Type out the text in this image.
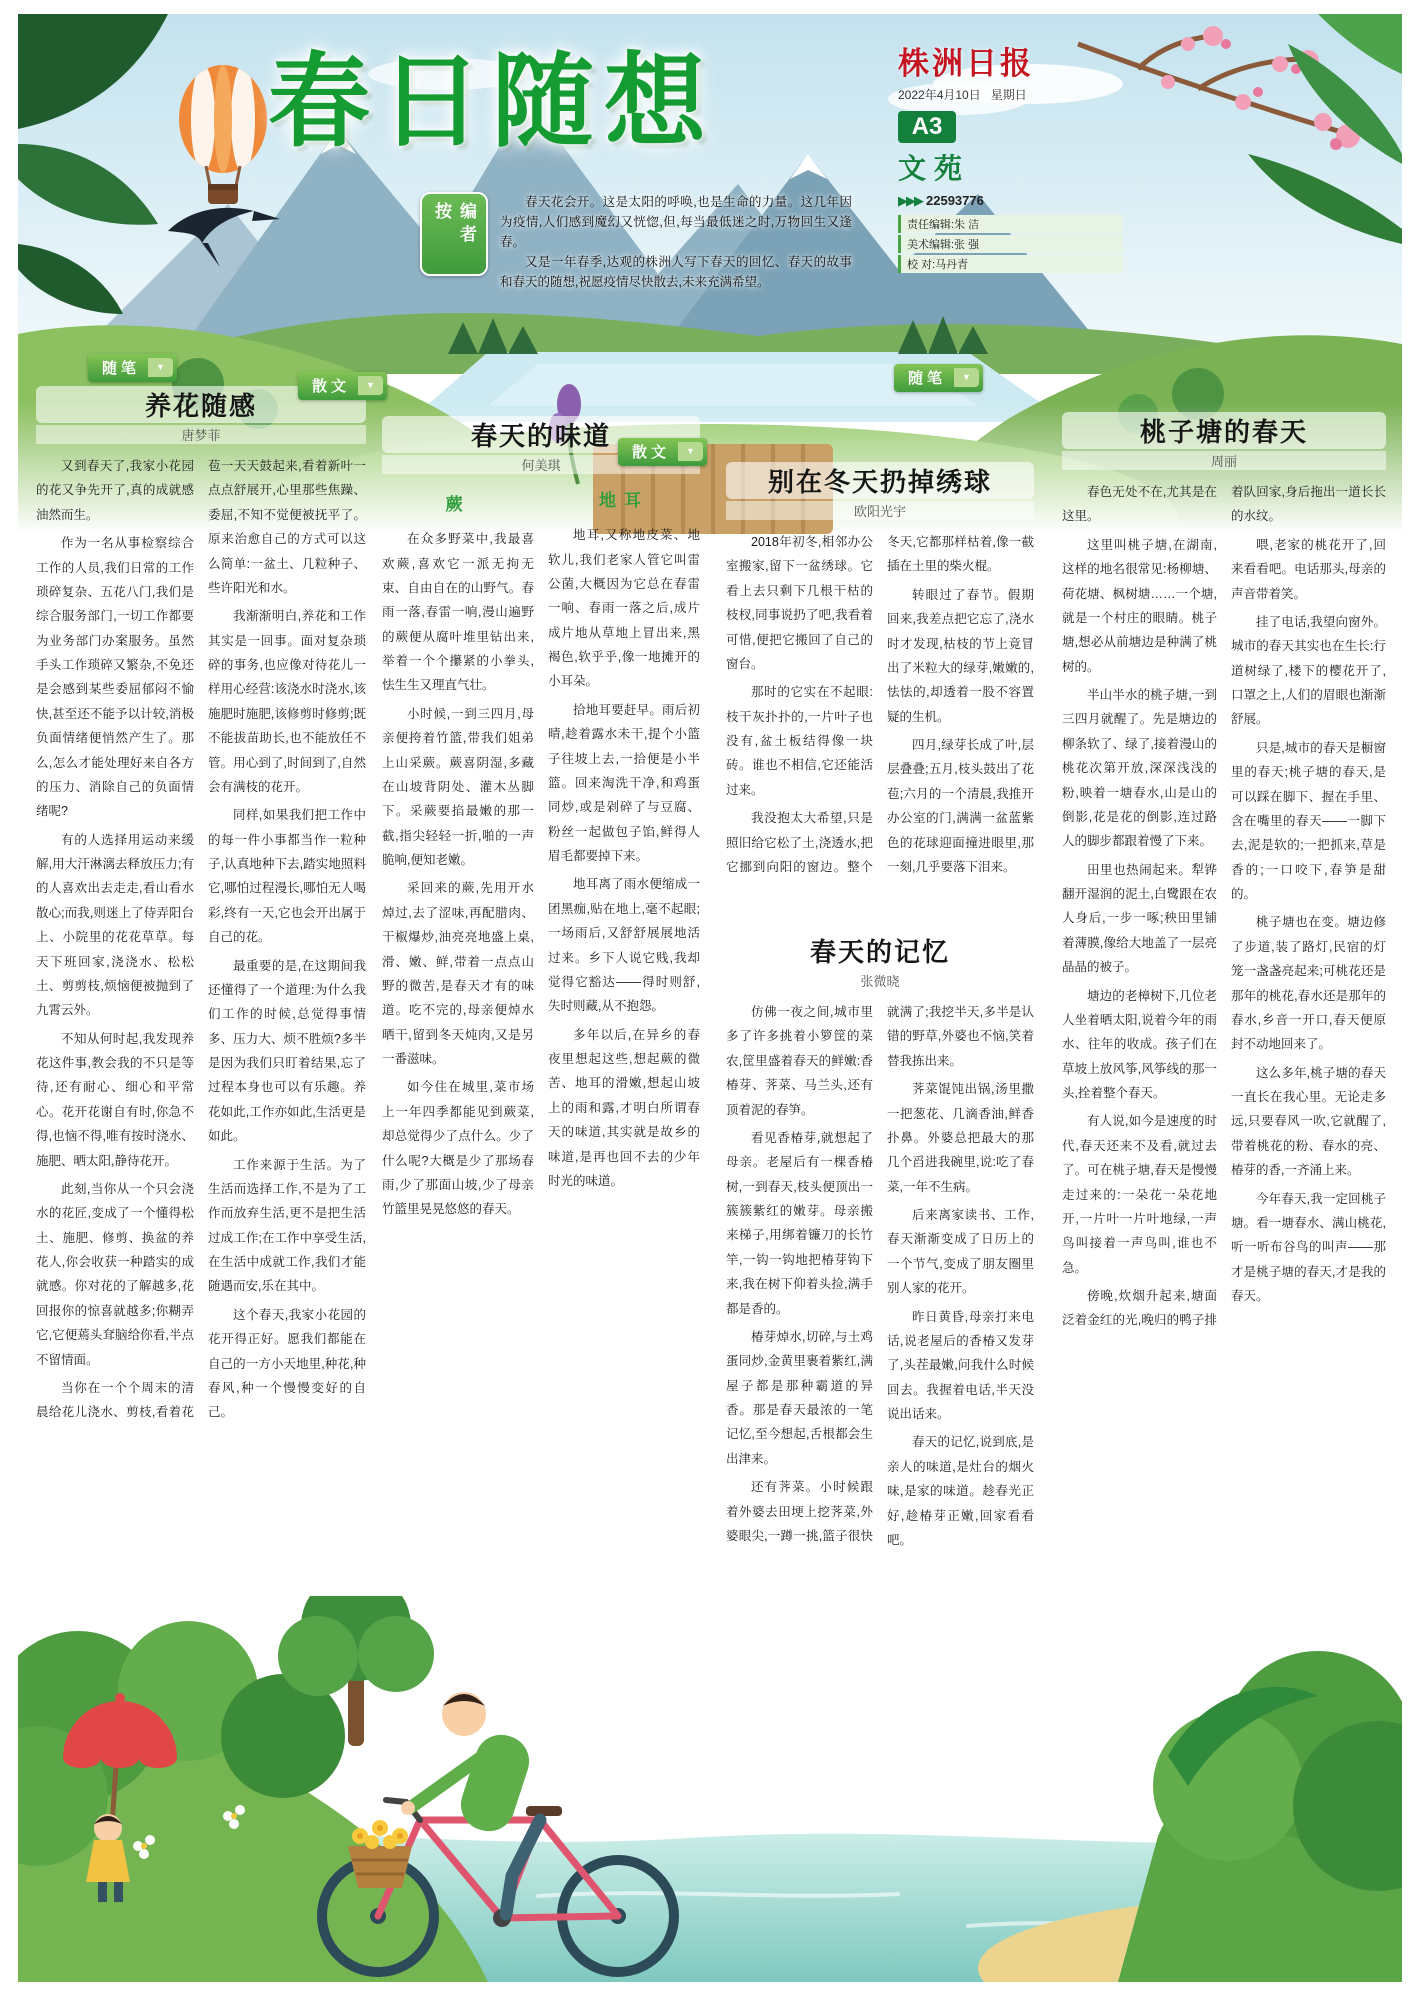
株洲日报
2022年4月10日 星期日
A3
文苑
▶▶▶ 22593776

责任编辑:朱 洁

美术编辑:张 强

校 对:马丹青

春日随想
编者按	春天花会开。这是太阳的呼唤,也是生命的力量。这几年因为疫情,人们感到魔幻又恍惚,但,每当最低迷之时,万物回生又逢春。

又是一年春季,达观的株洲人写下春天的回忆、春天的故事和春天的随想,祝愿疫情尽快散去,未来充满希望。

随笔	▼
养花随感
唐梦菲

又到春天了,我家小花园的花又争先开了,真的成就感油然而生。

作为一名从事检察综合工作的人员,我们日常的工作琐碎复杂、五花八门,我们是综合服务部门,一切工作都要为业务部门办案服务。虽然手头工作琐碎又繁杂,不免还是会感到某些委屈郁闷不愉快,甚至还不能予以计较,消极负面情绪便悄然产生了。那么,怎么才能处理好来自各方的压力、消除自己的负面情绪呢?

有的人选择用运动来缓解,用大汗淋漓去释放压力;有的人喜欢出去走走,看山看水散心;而我,则迷上了侍弄阳台上、小院里的花花草草。每天下班回家,浇浇水、松松土、剪剪枝,烦恼便被抛到了九霄云外。

不知从何时起,我发现养花这件事,教会我的不只是等待,还有耐心、细心和平常心。花开花谢自有时,你急不得,也恼不得,唯有按时浇水、施肥、晒太阳,静待花开。

此刻,当你从一个只会浇水的花匠,变成了一个懂得松土、施肥、修剪、换盆的养花人,你会收获一种踏实的成就感。你对花的了解越多,花回报你的惊喜就越多;你糊弄它,它便蔫头耷脑给你看,半点不留情面。

当你在一个个周末的清晨给花儿浇水、剪枝,看着花苞一天天鼓起来,看着新叶一点点舒展开,心里那些焦躁、委屈,不知不觉便被抚平了。原来治愈自己的方式可以这么简单:一盆土、几粒种子、些许阳光和水。

我渐渐明白,养花和工作其实是一回事。面对复杂琐碎的事务,也应像对待花儿一样用心经营:该浇水时浇水,该施肥时施肥,该修剪时修剪;既不能拔苗助长,也不能放任不管。用心到了,时间到了,自然会有满枝的花开。

同样,如果我们把工作中的每一件小事都当作一粒种子,认真地种下去,踏实地照料它,哪怕过程漫长,哪怕无人喝彩,终有一天,它也会开出属于自己的花。

最重要的是,在这期间我还懂得了一个道理:为什么我们工作的时候,总觉得事情多、压力大、烦不胜烦?多半是因为我们只盯着结果,忘了过程本身也可以有乐趣。养花如此,工作亦如此,生活更是如此。

工作来源于生活。为了生活而选择工作,不是为了工作而放弃生活,更不是把生活过成工作;在工作中享受生活,在生活中成就工作,我们才能随遇而安,乐在其中。

这个春天,我家小花园的花开得正好。愿我们都能在自己的一方小天地里,种花,种春风,种一个慢慢变好的自己。

散文	▼
春天的味道
何美琪
蕨

在众多野菜中,我最喜欢蕨,喜欢它一派无拘无束、自由自在的山野气。春雨一落,春雷一响,漫山遍野的蕨便从腐叶堆里钻出来,举着一个个攥紧的小拳头,怯生生又理直气壮。

小时候,一到三四月,母亲便挎着竹篮,带我们姐弟上山采蕨。蕨喜阴湿,多藏在山坡背阴处、灌木丛脚下。采蕨要掐最嫩的那一截,指尖轻轻一折,啪的一声脆响,便知老嫩。

采回来的蕨,先用开水焯过,去了涩味,再配腊肉、干椒爆炒,油亮亮地盛上桌,滑、嫩、鲜,带着一点点山野的微苦,是春天才有的味道。吃不完的,母亲便焯水晒干,留到冬天炖肉,又是另一番滋味。

如今住在城里,菜市场上一年四季都能见到蕨菜,却总觉得少了点什么。少了什么呢?大概是少了那场春雨,少了那面山坡,少了母亲竹篮里晃晃悠悠的春天。

地耳

地耳,又称地皮菜、地软儿,我们老家人管它叫雷公菌,大概因为它总在春雷一响、春雨一落之后,成片成片地从草地上冒出来,黑褐色,软乎乎,像一地摊开的小耳朵。

拾地耳要赶早。雨后初晴,趁着露水未干,提个小篮子往坡上去,一拾便是小半篮。回来淘洗干净,和鸡蛋同炒,或是剁碎了与豆腐、粉丝一起做包子馅,鲜得人眉毛都要掉下来。

地耳离了雨水便缩成一团黑痂,贴在地上,毫不起眼;一场雨后,又舒舒展展地活过来。乡下人说它贱,我却觉得它豁达——得时则舒,失时则藏,从不抱怨。

多年以后,在异乡的春夜里想起这些,想起蕨的微苦、地耳的滑嫩,想起山坡上的雨和露,才明白所谓春天的味道,其实就是故乡的味道,是再也回不去的少年时光的味道。

散文	▼
别在冬天扔掉绣球
欧阳光宇

2018年初冬,相邻办公室搬家,留下一盆绣球。它看上去只剩下几根干枯的枝杈,同事说扔了吧,我看着可惜,便把它搬回了自己的窗台。

那时的它实在不起眼:枝干灰扑扑的,一片叶子也没有,盆土板结得像一块砖。谁也不相信,它还能活过来。

我没抱太大希望,只是照旧给它松了土,浇透水,把它挪到向阳的窗边。整个冬天,它都那样枯着,像一截插在土里的柴火棍。

转眼过了春节。假期回来,我差点把它忘了,浇水时才发现,枯枝的节上竟冒出了米粒大的绿芽,嫩嫩的,怯怯的,却透着一股不容置疑的生机。

四月,绿芽长成了叶,层层叠叠;五月,枝头鼓出了花苞;六月的一个清晨,我推开办公室的门,满满一盆蓝紫色的花球迎面撞进眼里,那一刻,几乎要落下泪来。

春天的记忆
张微晓

仿佛一夜之间,城市里多了许多挑着小箩筐的菜农,筐里盛着春天的鲜嫩:香椿芽、荠菜、马兰头,还有顶着泥的春笋。

看见香椿芽,就想起了母亲。老屋后有一棵香椿树,一到春天,枝头便顶出一簇簇紫红的嫩芽。母亲搬来梯子,用绑着镰刀的长竹竿,一钩一钩地把椿芽钩下来,我在树下仰着头捡,满手都是香的。

椿芽焯水,切碎,与土鸡蛋同炒,金黄里裹着紫红,满屋子都是那种霸道的异香。那是春天最浓的一笔记忆,至今想起,舌根都会生出津来。

还有荠菜。小时候跟着外婆去田埂上挖荠菜,外婆眼尖,一蹲一挑,篮子很快就满了;我挖半天,多半是认错的野草,外婆也不恼,笑着替我拣出来。

荠菜馄饨出锅,汤里撒一把葱花、几滴香油,鲜香扑鼻。外婆总把最大的那几个舀进我碗里,说:吃了春菜,一年不生病。

后来离家读书、工作,春天渐渐变成了日历上的一个节气,变成了朋友圈里别人家的花开。

昨日黄昏,母亲打来电话,说老屋后的香椿又发芽了,头茬最嫩,问我什么时候回去。我握着电话,半天没说出话来。

春天的记忆,说到底,是亲人的味道,是灶台的烟火味,是家的味道。趁春光正好,趁椿芽正嫩,回家看看吧。

随笔	▼
桃子塘的春天
周丽

春色无处不在,尤其是在这里。

这里叫桃子塘,在湖南,这样的地名很常见:杨柳塘、荷花塘、枫树塘……一个塘,就是一个村庄的眼睛。桃子塘,想必从前塘边是种满了桃树的。

半山半水的桃子塘,一到三四月就醒了。先是塘边的柳条软了、绿了,接着漫山的桃花次第开放,深深浅浅的粉,映着一塘春水,山是山的倒影,花是花的倒影,连过路人的脚步都跟着慢了下来。

田里也热闹起来。犁铧翻开湿润的泥土,白鹭跟在农人身后,一步一啄;秧田里铺着薄膜,像给大地盖了一层亮晶晶的被子。

塘边的老樟树下,几位老人坐着晒太阳,说着今年的雨水、往年的收成。孩子们在草坡上放风筝,风筝线的那一头,拴着整个春天。

有人说,如今是速度的时代,春天还来不及看,就过去了。可在桃子塘,春天是慢慢走过来的:一朵花一朵花地开,一片叶一片叶地绿,一声鸟叫接着一声鸟叫,谁也不急。

傍晚,炊烟升起来,塘面泛着金红的光,晚归的鸭子排着队回家,身后拖出一道长长的水纹。

喂,老家的桃花开了,回来看看吧。电话那头,母亲的声音带着笑。

挂了电话,我望向窗外。城市的春天其实也在生长:行道树绿了,楼下的樱花开了,口罩之上,人们的眉眼也渐渐舒展。

只是,城市的春天是橱窗里的春天;桃子塘的春天,是可以踩在脚下、握在手里、含在嘴里的春天——一脚下去,泥是软的;一把抓来,草是香的;一口咬下,春笋是甜的。

桃子塘也在变。塘边修了步道,装了路灯,民宿的灯笼一盏盏亮起来;可桃花还是那年的桃花,春水还是那年的春水,乡音一开口,春天便原封不动地回来了。

这么多年,桃子塘的春天一直长在我心里。无论走多远,只要春风一吹,它就醒了,带着桃花的粉、春水的亮、椿芽的香,一齐涌上来。

今年春天,我一定回桃子塘。看一塘春水、满山桃花,听一听布谷鸟的叫声——那才是桃子塘的春天,才是我的春天。
